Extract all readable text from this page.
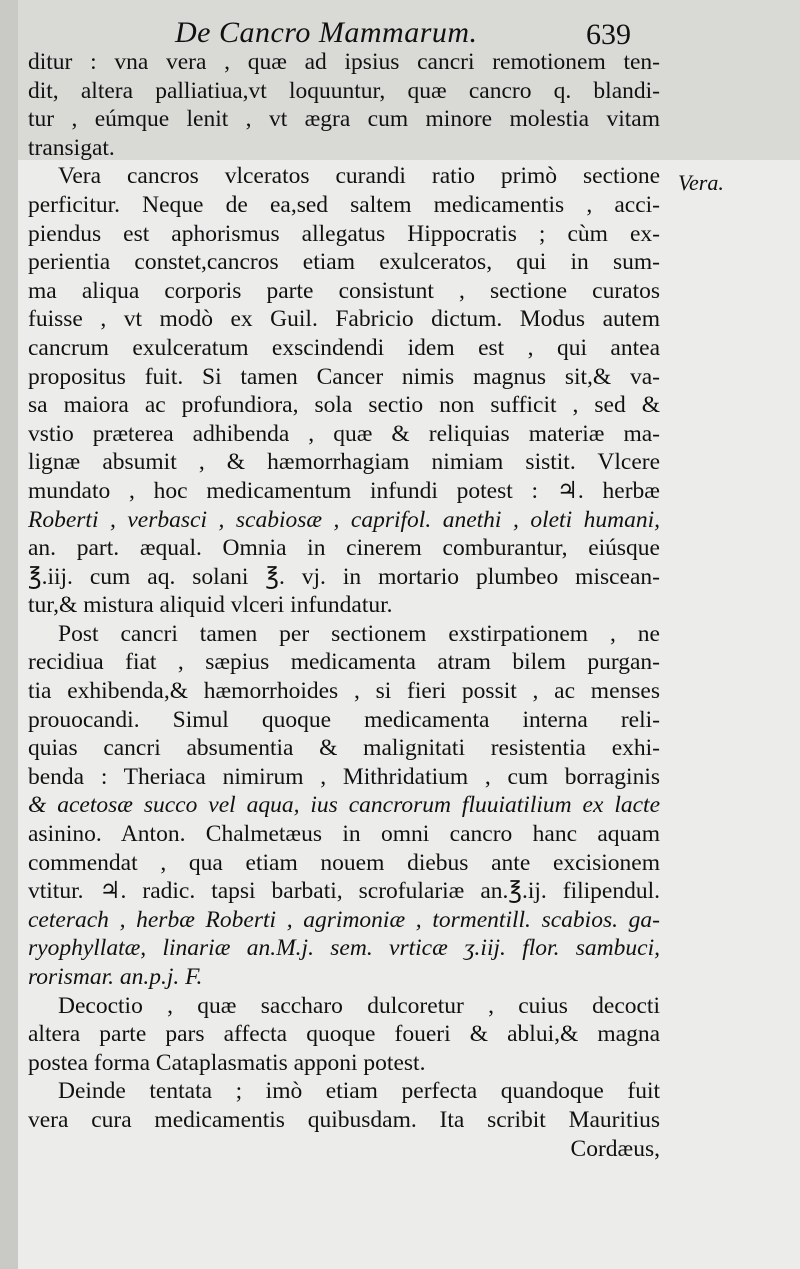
De Cancro Mammarum.	639
Vera.
ditur : vna vera , quæ ad ipsius cancri remotionem ten-
dit, altera palliatiua,vt loquuntur, quæ cancro q. blandi-
tur , eúmque lenit , vt ægra cum minore molestia vitam
transigat.
Vera cancros vlceratos curandi ratio primò sectione
perficitur. Neque de ea,sed saltem medicamentis , acci-
piendus est aphorismus allegatus Hippocratis ; cùm ex-
perientia constet,cancros etiam exulceratos, qui in sum-
ma aliqua corporis parte consistunt , sectione curatos
fuisse , vt modò ex Guil. Fabricio dictum. Modus autem
cancrum exulceratum exscindendi idem est , qui antea
propositus fuit. Si tamen Cancer nimis magnus sit,& va-
sa maiora ac profundiora, sola sectio non sufficit , sed &
vstio præterea adhibenda , quæ & reliquias materiæ ma-
lignæ absumit , & hæmorrhagiam nimiam sistit. Vlcere
mundato , hoc medicamentum infundi potest : ♃. herbæ
Roberti , verbasci , scabiosæ , caprifol. anethi , oleti humani,
an. part. æqual. Omnia in cinerem comburantur, eiúsque
℥.iij. cum aq. solani ℥. vj. in mortario plumbeo miscean-
tur,& mistura aliquid vlceri infundatur.
Post cancri tamen per sectionem exstirpationem , ne
recidiua fiat , sæpius medicamenta atram bilem purgan-
tia exhibenda,& hæmorrhoides , si fieri possit , ac menses
prouocandi. Simul quoque medicamenta interna reli-
quias cancri absumentia & malignitati resistentia exhi-
benda : Theriaca nimirum , Mithridatium , cum borraginis
& acetosæ succo vel aqua, ius cancrorum fluuiatilium ex lacte
asinino. Anton. Chalmetæus in omni cancro hanc aquam
commendat , qua etiam nouem diebus ante excisionem
vtitur. ♃. radic. tapsi barbati, scrofulariæ an.℥.ij. filipendul.
ceterach , herbæ Roberti , agrimoniæ , tormentill. scabios. ga-
ryophyllatæ, linariæ an.M.j. sem. vrticæ ʒ.iij. flor. sambuci,
rorismar. an.p.j. F.
Decoctio , quæ saccharo dulcoretur , cuius decocti
altera parte pars affecta quoque foueri & ablui,& magna
postea forma Cataplasmatis apponi potest.
Deinde tentata ; imò etiam perfecta quandoque fuit
vera cura medicamentis quibusdam. Ita scribit Mauritius
Cordæus,
